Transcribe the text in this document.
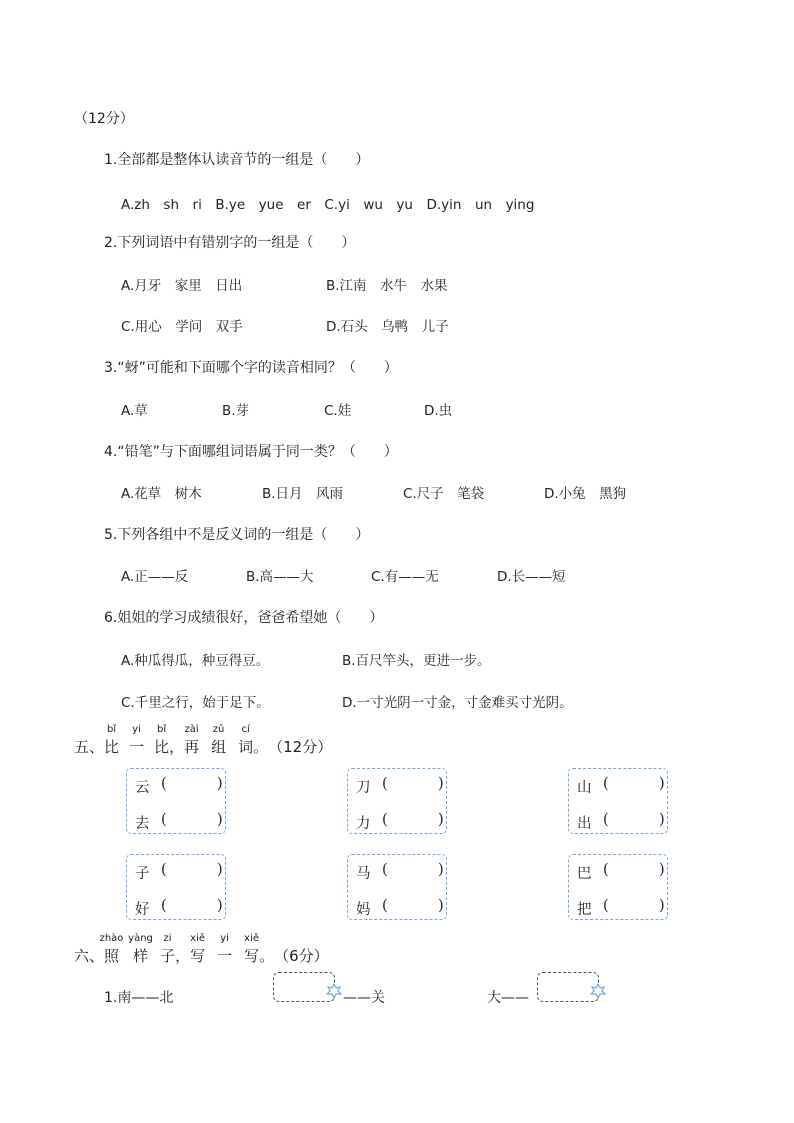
（12分）
1.全部都是整体认读音节的一组是（　　）
A.zh　sh　ri　B.ye　yue　er　C.yi　wu　yu　D.yin　un　ying
2.下列词语中有错别字的一组是（　　）
A.月牙　家里　日出	B.江南　水牛　水果
C.用心　学问　双手	D.石头　乌鸭　儿子
3.“蚜”可能和下面哪个字的读音相同？（　　）
A.草	B.芽	C.娃	D.虫
4.“铅笔”与下面哪组词语属于同一类？（　　）
A.花草　树木	B.日月　风雨	C.尺子　笔袋	D.小兔　黑狗
5.下列各组中不是反义词的一组是（　　）
A.正——反	B.高——大	C.有——无	D.长——短
6.姐姐的学习成绩很好，爸爸希望她（　　）
A.种瓜得瓜，种豆得豆。	B.百尺竿头，更进一步。
C.千里之行，始于足下。	D.一寸光阴一寸金，寸金难买寸光阴。
五、
bǐ
比
yi
一
bǐ
比，
zài
再
zǔ
组
cí
词。（12分）
云 (	)
去 (	)
刀 (	)
力 (	)
山 (	)
出 (	)
子 (	)
好 (	)
马 (	)
妈 (	)
巴 (	)
把 (	)
六、
zhào
照
yàng
样
zi
子，
xiě
写
yi
一
xiě
写。（6分）
1.南——北	——关	大——
